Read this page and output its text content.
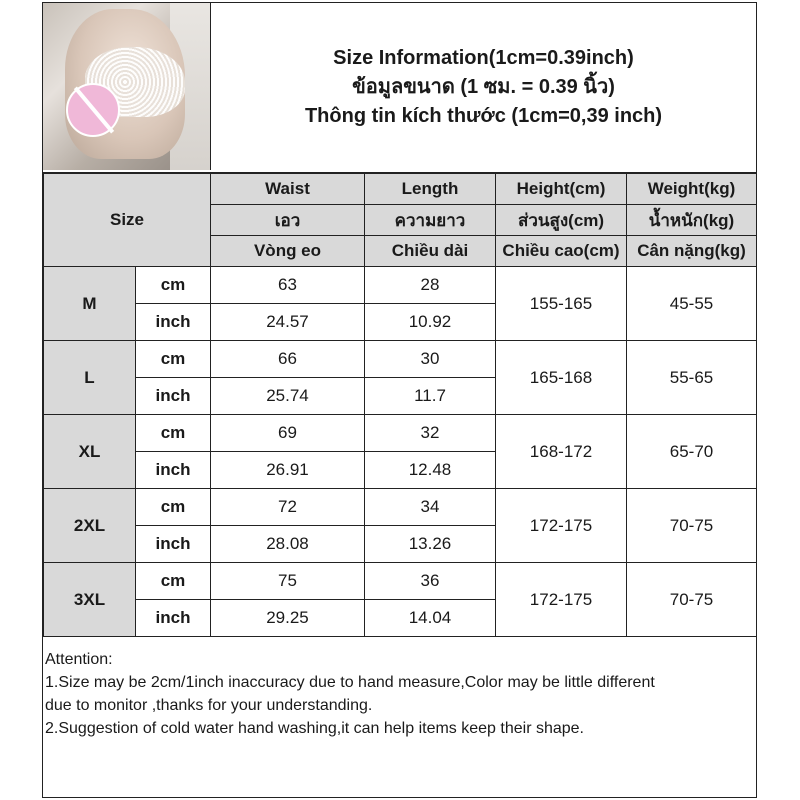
Size Information(1cm=0.39inch)
ข้อมูลขนาด (1 ซม. = 0.39 นิ้ว)
Thông tin kích thước (1cm=0,39 inch)
Size		Waist	Length	Height(cm)	Weight(kg)
		เอว	ความยาว	ส่วนสูง(cm)	น้ำหนัก(kg)
		Vòng eo	Chiều dài	Chiều cao(cm)	Cân nặng(kg)
M	cm	63	28	155-165	45-55
	inch	24.57	10.92		
L	cm	66	30	165-168	55-65
	inch	25.74	11.7		
XL	cm	69	32	168-172	65-70
	inch	26.91	12.48		
2XL	cm	72	34	172-175	70-75
	inch	28.08	13.26		
3XL	cm	75	36	172-175	70-75
	inch	29.25	14.04		
Attention:
1.Size may be 2cm/1inch inaccuracy due to hand measure,Color may be little different
due to monitor ,thanks for your understanding.
2.Suggestion of cold water hand washing,it can help items keep their shape.
